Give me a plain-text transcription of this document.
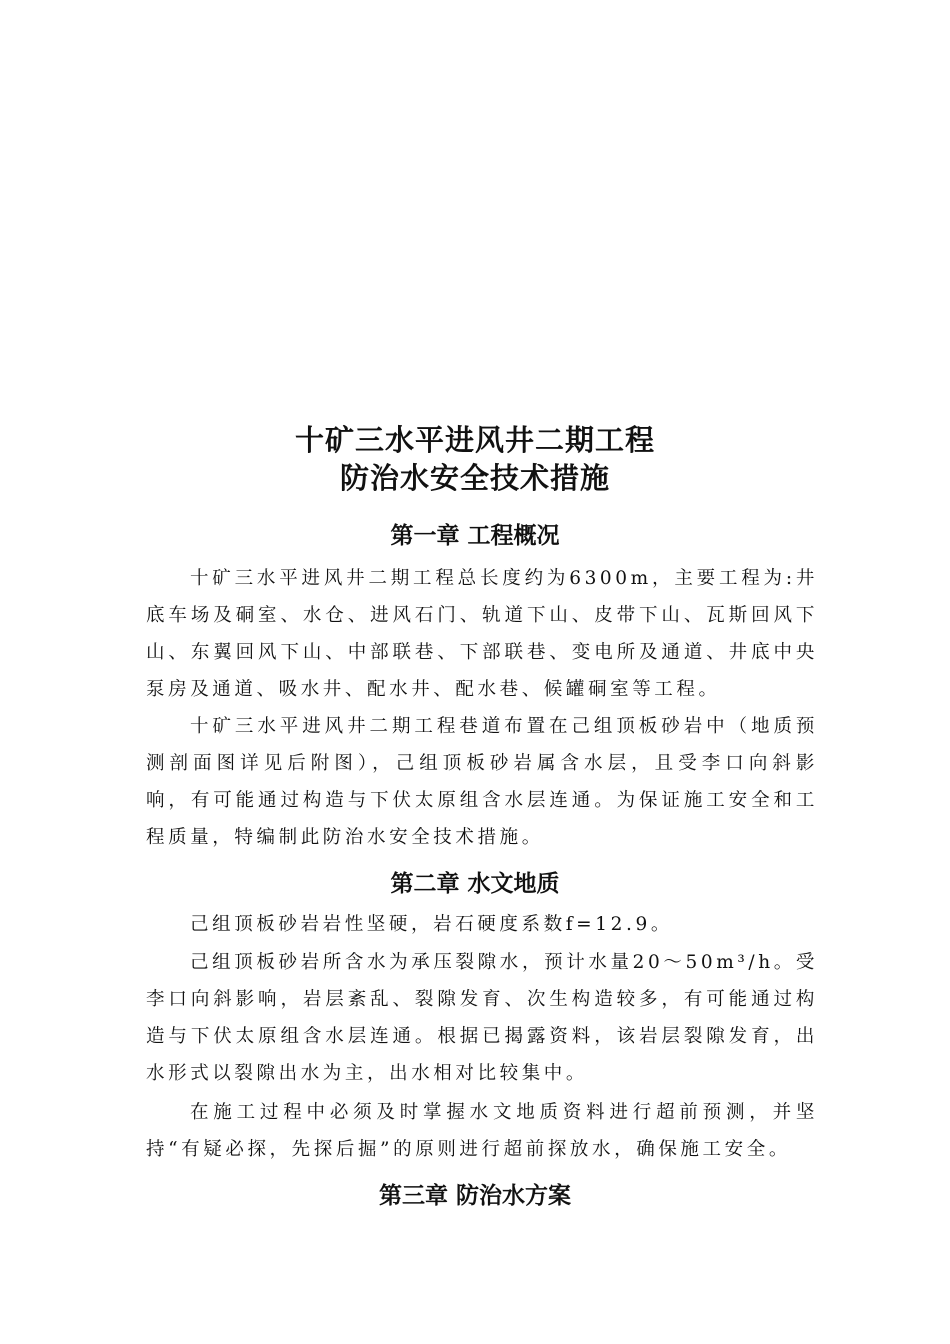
十矿三水平进风井二期工程
防治水安全技术措施
第一章 工程概况

十矿三水平进风井二期工程总长度约为6300m，主要工程为:井底车场及硐室、水仓、进风石门、轨道下山、皮带下山、瓦斯回风下山、东翼回风下山、中部联巷、下部联巷、变电所及通道、井底中央泵房及通道、吸水井、配水井、配水巷、候罐硐室等工程。

十矿三水平进风井二期工程巷道布置在己组顶板砂岩中（地质预测剖面图详见后附图），己组顶板砂岩属含水层，且受李口向斜影响，有可能通过构造与下伏太原组含水层连通。为保证施工安全和工程质量，特编制此防治水安全技术措施。

第二章 水文地质

己组顶板砂岩岩性坚硬，岩石硬度系数f=12.9。

己组顶板砂岩所含水为承压裂隙水，预计水量20～50m³/h。受李口向斜影响，岩层紊乱、裂隙发育、次生构造较多，有可能通过构造与下伏太原组含水层连通。根据已揭露资料，该岩层裂隙发育，出水形式以裂隙出水为主，出水相对比较集中。

在施工过程中必须及时掌握水文地质资料进行超前预测，并坚持“有疑必探，先探后掘”的原则进行超前探放水，确保施工安全。

第三章 防治水方案
